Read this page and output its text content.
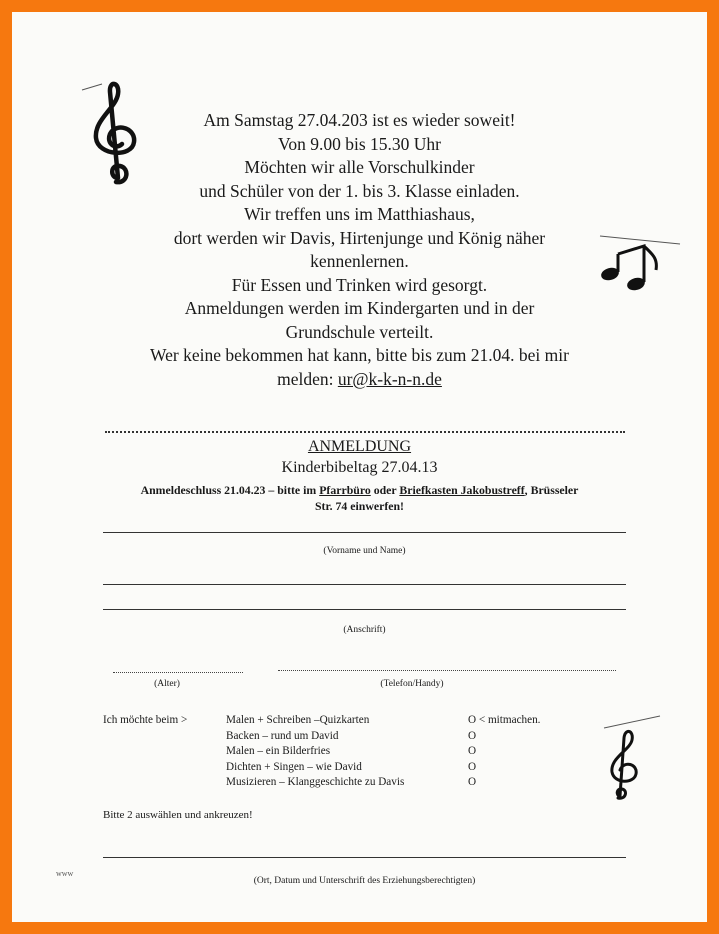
Am Samstag 27.04.203 ist es wieder soweit!
Von 9.00 bis 15.30 Uhr
Möchten wir alle Vorschulkinder
und Schüler von der 1. bis 3. Klasse einladen.
Wir treffen uns im Matthiashaus,
dort werden wir Davis, Hirtenjunge und König näher
kennenlernen.
Für Essen und Trinken wird gesorgt.
Anmeldungen werden im Kindergarten und in der
Grundschule verteilt.
Wer keine bekommen hat kann, bitte bis zum 21.04. bei mir
melden: ur@k-k-n-n.de
ANMELDUNG
Kinderbibeltag 27.04.13
Anmeldeschluss 21.04.23 – bitte im Pfarrbüro oder Briefkasten Jakobustreff, Brüsseler
Str. 74 einwerfen!
(Vorname und Name)
(Anschrift)
(Alter)	(Telefon/Handy)
Ich möchte beim >	Malen + Schreiben –Quizkarten
Backen – rund um David
Malen – ein Bilderfries
Dichten + Singen – wie David
Musizieren – Klanggeschichte zu Davis
O < mitmachen.
O
O
O
O
Bitte 2 auswählen und ankreuzen!
(Ort, Datum und Unterschrift des Erziehungsberechtigten)
www
